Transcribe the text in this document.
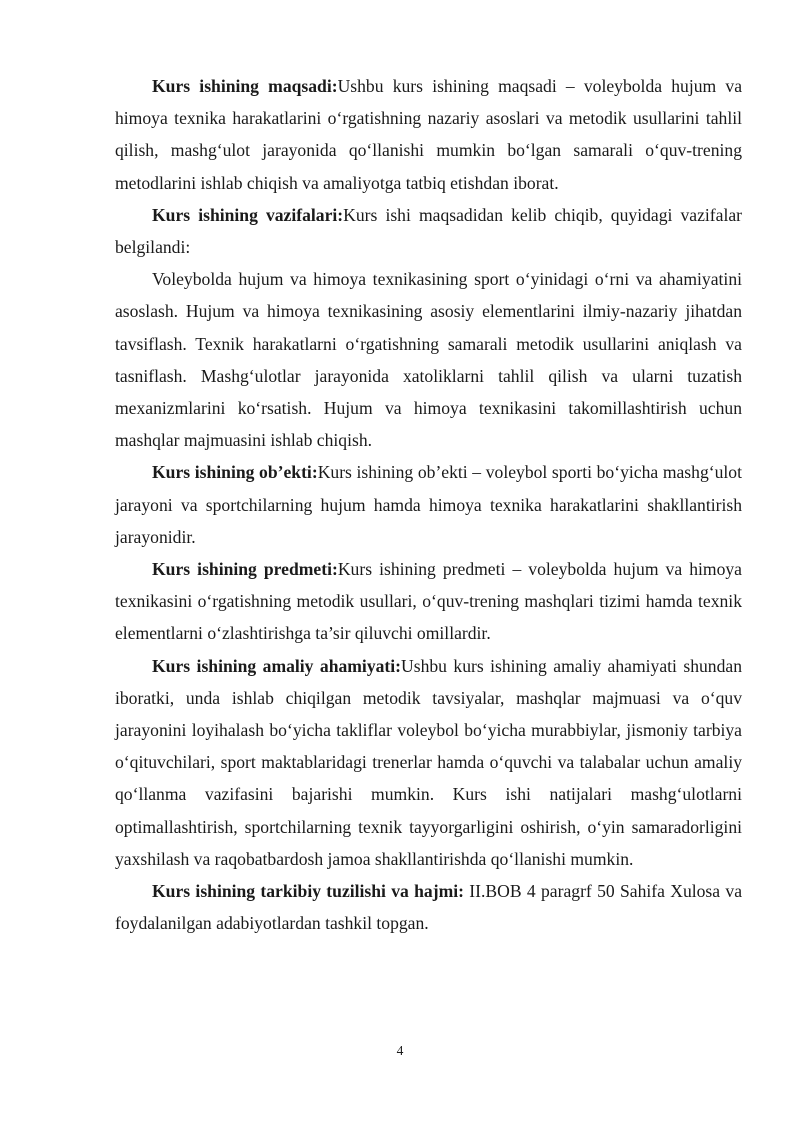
Kurs ishining maqsadi:Ushbu kurs ishining maqsadi – voleybolda hujum va himoya texnika harakatlarini oʻrgatishning nazariy asoslari va metodik usullarini tahlil qilish, mashgʻulot jarayonida qoʻllanishi mumkin boʻlgan samarali oʻquv-trening metodlarini ishlab chiqish va amaliyotga tatbiq etishdan iborat.

Kurs ishining vazifalari:Kurs ishi maqsadidan kelib chiqib, quyidagi vazifalar belgilandi:

Voleybolda hujum va himoya texnikasining sport oʻyinidagi oʻrni va ahamiyatini asoslash. Hujum va himoya texnikasining asosiy elementlarini ilmiy-nazariy jihatdan tavsiflash. Texnik harakatlarni oʻrgatishning samarali metodik usullarini aniqlash va tasniflash. Mashgʻulotlar jarayonida xatoliklarni tahlil qilish va ularni tuzatish mexanizmlarini koʻrsatish. Hujum va himoya texnikasini takomillashtirish uchun mashqlar majmuasini ishlab chiqish.

Kurs ishining ob’ekti:Kurs ishining ob’ekti – voleybol sporti boʻyicha mashgʻulot jarayoni va sportchilarning hujum hamda himoya texnika harakatlarini shakllantirish jarayonidir.

Kurs ishining predmeti:Kurs ishining predmeti – voleybolda hujum va himoya texnikasini oʻrgatishning metodik usullari, oʻquv-trening mashqlari tizimi hamda texnik elementlarni oʻzlashtirishga ta’sir qiluvchi omillardir.

Kurs ishining amaliy ahamiyati:Ushbu kurs ishining amaliy ahamiyati shundan iboratki, unda ishlab chiqilgan metodik tavsiyalar, mashqlar majmuasi va oʻquv jarayonini loyihalash boʻyicha takliflar voleybol boʻyicha murabbiylar, jismoniy tarbiya oʻqituvchilari, sport maktablaridagi trenerlar hamda oʻquvchi va talabalar uchun amaliy qoʻllanma vazifasini bajarishi mumkin. Kurs ishi natijalari mashgʻulotlarni optimallashtirish, sportchilarning texnik tayyorgarligini oshirish, oʻyin samaradorligini yaxshilash va raqobatbardosh jamoa shakllantirishda qoʻllanishi mumkin.

Kurs ishining tarkibiy tuzilishi va hajmi: II.BOB 4 paragrf 50 Sahifa Xulosa va foydalanilgan adabiyotlardan tashkil topgan.

4
